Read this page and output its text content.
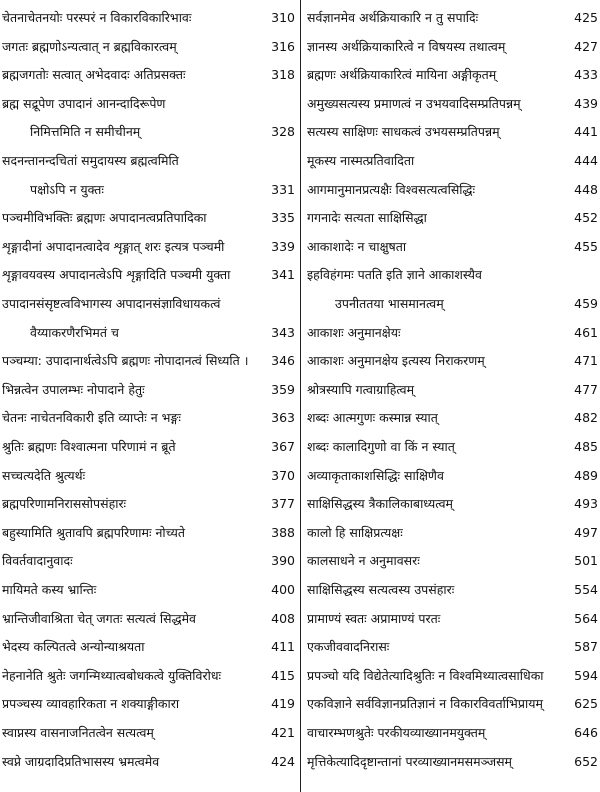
चेतनाचेतनयोः परस्परं न विकारविकारिभावः	310
जगतः ब्रह्मणोऽन्यत्वात् न ब्रह्मविकारत्वम्	316
ब्रह्मजगतोः सत्वात् अभेदवादः अतिप्रसक्तः	318
ब्रह्म सद्रूपेण उपादानं आनन्दादिरूपेण
निमित्तमिति न समीचीनम्	328
सदनन्तानन्दचितां समुदायस्य ब्रह्मत्वमिति
पक्षोऽपि न युक्तः	331
पञ्चमीविभक्तिः ब्रह्मणः अपादानत्वप्रतिपादिका	335
शृङ्गादीनां अपादानत्वादेव शृङ्गात् शरः इत्यत्र पञ्चमी	339
शृङ्गावयवस्य अपादानत्वेऽपि शृङ्गादिति पञ्चमी युक्ता	341
उपादानसंसृष्टत्वविभागस्य अपादानसंज्ञाविधायकत्वं
वैय्याकरणैरभिमतं च	343
पञ्चम्या: उपादानार्थत्वेऽपि ब्रह्मणः नोपादानत्वं सिध्यति ।	346
भिन्नत्वेन उपालम्भः नोपादाने हेतुः	359
चेतनः नाचेतनविकारी इति व्याप्तेः न भङ्गः	363
श्रुतिः ब्रह्मणः विश्वात्मना परिणामं न ब्रूते	367
सच्चत्यदेति श्रुत्यर्थः	370
ब्रह्मपरिणामनिराससोपसंहारः	377
बहुस्यामिति श्रुतावपि ब्रह्मपरिणामः नोच्यते	388
विवर्तवादानुवादः	390
मायिमते कस्य भ्रान्तिः	400
भ्रान्तिजीवाश्रिता चेत् जगतः सत्यत्वं सिद्धमेव	408
भेदस्य कल्पितत्वे अन्योन्याश्रयता	411
नेहनानेति श्रुतेः जगन्मिथ्यात्वबोधकत्वे युक्तिविरोधः	415
प्रपञ्चस्य व्यावहारिकता न शक्याङ्गीकारा	419
स्वाप्नस्य वासनाजनितत्वेन सत्यत्वम्	421
स्वप्ने जाग्रदादिप्रतिभासस्य भ्रमत्वमेव	424
सर्वज्ञानमेव अर्थक्रियाकारि न तु सपादिः	425
ज्ञानस्य अर्थक्रियाकारित्वे न विषयस्य तथात्वम्	427
ब्रह्मणः अर्थक्रियाकारित्वं मायिना अङ्गीकृतम्	433
अमुख्यसत्यस्य प्रमाणत्वं न उभयवादिसम्प्रतिपन्नम्	439
सत्यस्य साक्षिणः साधकत्वं उभयसम्प्रतिपन्नम्	441
मूकस्य नास्मत्प्रतिवादिता	444
आगमानुमानप्रत्यक्षैः विश्वसत्यत्वसिद्धिः	448
गगनादेः सत्यता साक्षिसिद्धा	452
आकाशादेः न चाक्षुषता	455
इहविहंगमः पतति इति ज्ञाने आकाशस्यैव
उपनीततया भासमानत्वम्	459
आकाशः अनुमानक्षेयः	461
आकाशः अनुमानक्षेय इत्यस्य निराकरणम्	471
श्रोत्रस्यापि गत्वाग्राहित्वम्	477
शब्दः आत्मगुणः कस्मान्न स्यात्	482
शब्दः कालादिगुणो वा किं न स्यात्	485
अव्याकृताकाशसिद्धिः साक्षिणैव	489
साक्षिसिद्धस्य त्रैकालिकाबाध्यत्वम्	493
कालो हि साक्षिप्रत्यक्षः	497
कालसाधने न अनुमावसरः	501
साक्षिसिद्धस्य सत्यत्वस्य उपसंहारः	554
प्रामाण्यं स्वतः अप्रामाण्यं परतः	564
एकजीववादनिरासः	587
प्रपञ्चो यदि विद्येतेत्यादिश्रुतिः न विश्वमिथ्यात्वसाधिका	594
एकविज्ञाने सर्वविज्ञानप्रतिज्ञानं न विकारविवर्ताभिप्रायम्	625
वाचारम्भणश्रुतेः परकीयव्याख्यानमयुक्तम्	646
मृत्तिकेत्यादिदृष्टान्तानां परव्याख्यानमसमञ्जसम्	652
